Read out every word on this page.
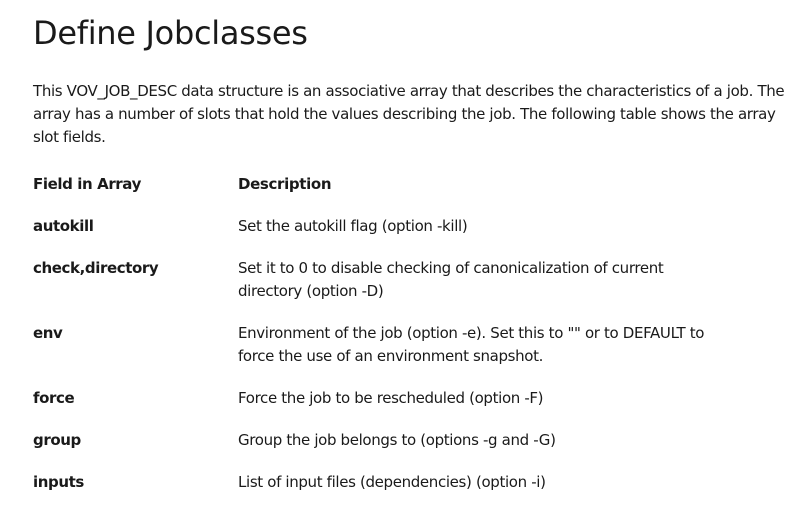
Define Jobclasses

This VOV_JOB_DESC data structure is an associative array that describes the characteristics of a job. The array has a number of slots that hold the values describing the job. The following table shows the array slot fields.

Field in Array	Description
autokill	Set the autokill flag (option -kill)
check,directory	Set it to 0 to disable checking of canonicalization of current directory (option -D)
env	Environment of the job (option -e). Set this to "" or to DEFAULT to force the use of an environment snapshot.
force	Force the job to be rescheduled (option -F)
group	Group the job belongs to (options -g and -G)
inputs	List of input files (dependencies) (option -i)
